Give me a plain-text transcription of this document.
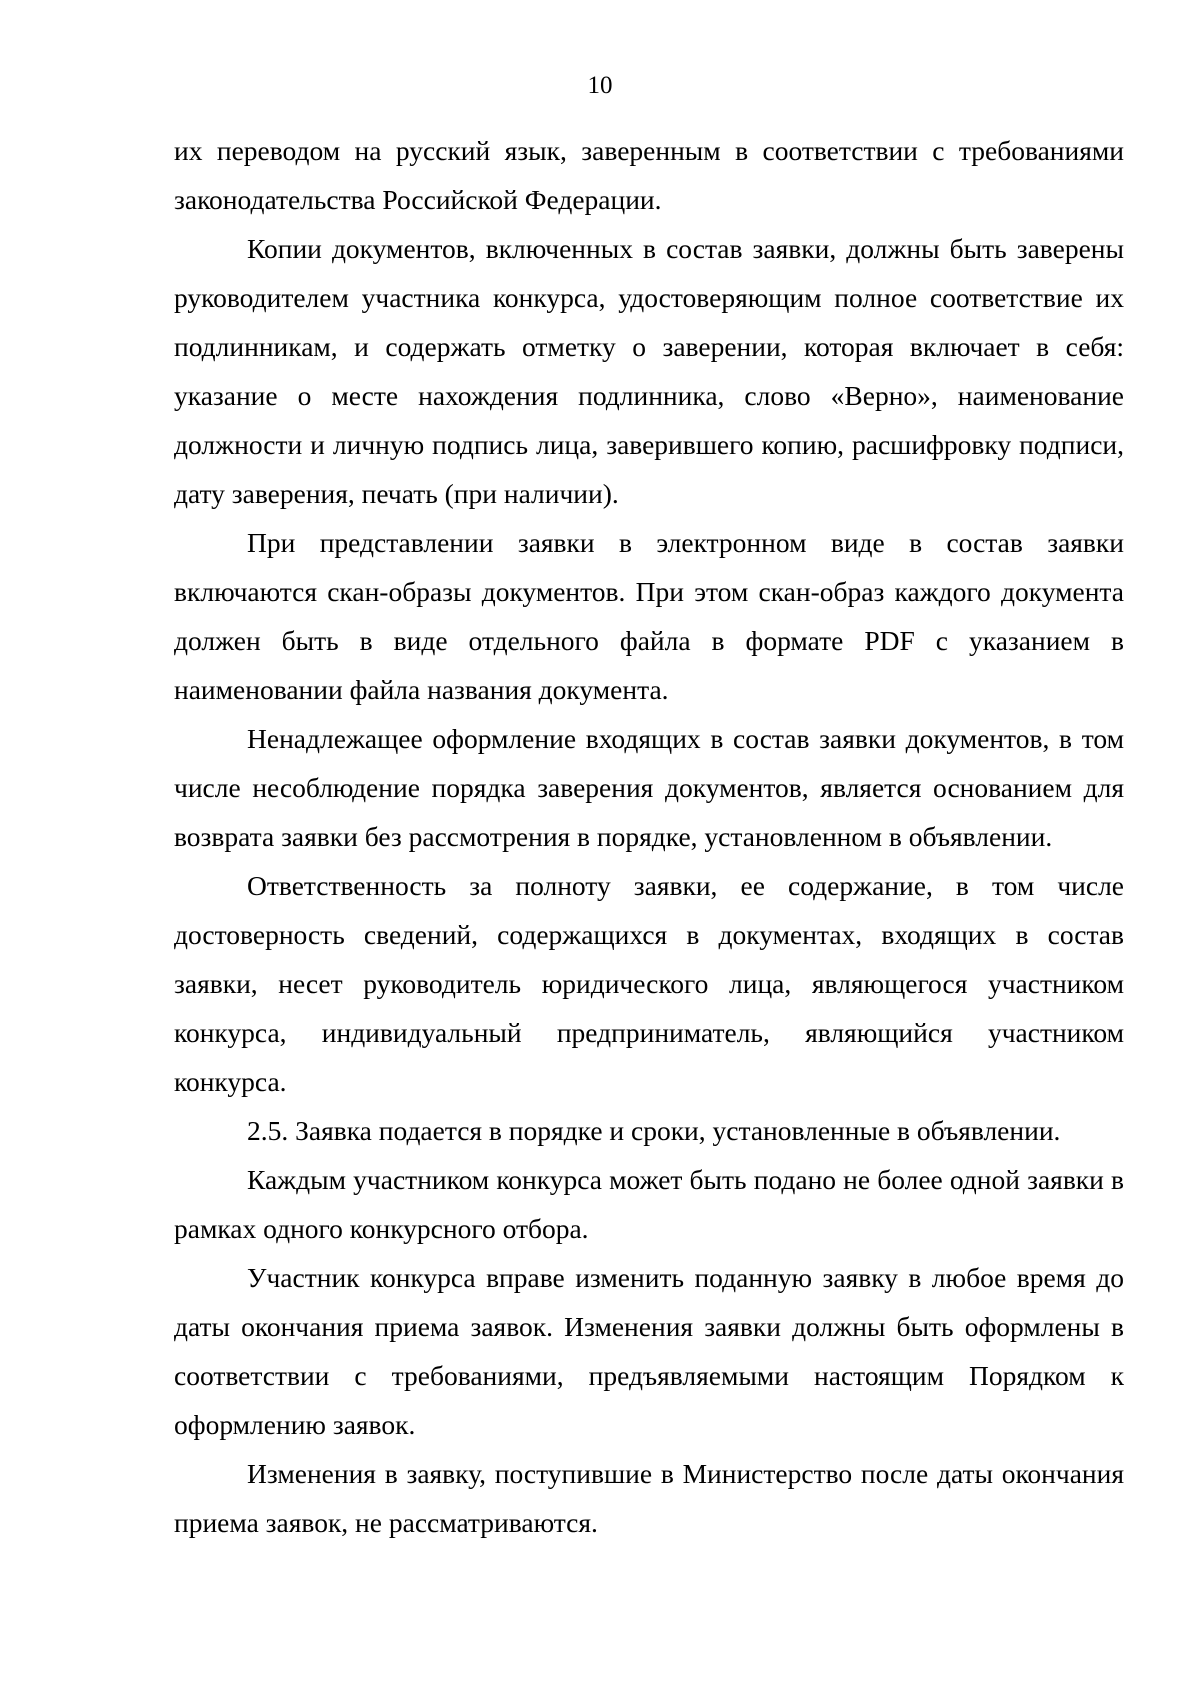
10

их переводом на русский язык, заверенным в соответствии с требованиями законодательства Российской Федерации.

Копии документов, включенных в состав заявки, должны быть заверены руководителем участника конкурса, удостоверяющим полное соответствие их подлинникам, и содержать отметку о заверении, которая включает в себя: указание о месте нахождения подлинника, слово «Верно», наименование должности и личную подпись лица, заверившего копию, расшифровку подписи, дату заверения, печать (при наличии).

При представлении заявки в электронном виде в состав заявки включаются скан-образы документов. При этом скан-образ каждого документа должен быть в виде отдельного файла в формате PDF с указанием в наименовании файла названия документа.

Ненадлежащее оформление входящих в состав заявки документов, в том числе несоблюдение порядка заверения документов, является основанием для возврата заявки без рассмотрения в порядке, установленном в объявлении.

Ответственность за полноту заявки, ее содержание, в том числе достоверность сведений, содержащихся в документах, входящих в состав заявки, несет руководитель юридического лица, являющегося участником конкурса, индивидуальный предприниматель, являющийся участником конкурса.

2.5. Заявка подается в порядке и сроки, установленные в объявлении.

Каждым участником конкурса может быть подано не более одной заявки в рамках одного конкурсного отбора.

Участник конкурса вправе изменить поданную заявку в любое время до даты окончания приема заявок. Изменения заявки должны быть оформлены в соответствии с требованиями, предъявляемыми настоящим Порядком к оформлению заявок.

Изменения в заявку, поступившие в Министерство после даты окончания приема заявок, не рассматриваются.
